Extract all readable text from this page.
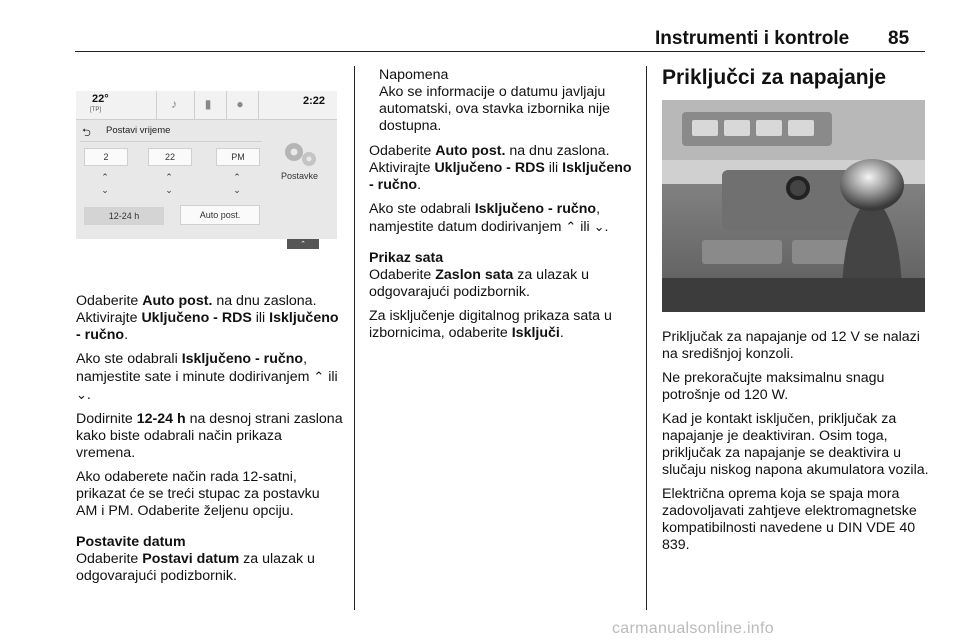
Instrumenti i kontrole 85
22°
[TP]	♪	▮	●	2:22
⮌ Postavi vrijeme
2	22	PM
⌃
⌄
⌃
⌄
⌃
⌄
12-24 h	Auto post.
Postavke
⌃

Odaberite Auto post. na dnu zaslona. Aktivirajte Uključeno - RDS ili Isključeno - ručno.

Ako ste odabrali Isključeno - ručno, namjestite sate i minute dodirivanjem ⌃ ili ⌄.

Dodirnite 12-24 h na desnoj strani zaslona kako biste odabrali način prikaza vremena.

Ako odaberete način rada 12-satni, prikazat će se treći stupac za postavku AM i PM. Odaberite željenu opciju.

Postavite datum

Odaberite Postavi datum za ulazak u odgovarajući podizbornik.

Napomena

Ako se informacije o datumu javljaju automatski, ova stavka izbornika nije dostupna.

Odaberite Auto post. na dnu zaslona. Aktivirajte Uključeno - RDS ili Isključeno - ručno.

Ako ste odabrali Isključeno - ručno, namjestite datum dodirivanjem ⌃ ili ⌄.

Prikaz sata

Odaberite Zaslon sata za ulazak u odgovarajući podizbornik.

Za isključenje digitalnog prikaza sata u izbornicima, odaberite Isključi.

Priključci za napajanje

Priključak za napajanje od 12 V se nalazi na središnjoj konzoli.

Ne prekoračujte maksimalnu snagu potrošnje od 120 W.

Kad je kontakt isključen, priključak za napajanje je deaktiviran. Osim toga, priključak za napajanje se deaktivira u slučaju niskog napona akumulatora vozila.

Električna oprema koja se spaja mora zadovoljavati zahtjeve elektromagnetske kompatibilnosti navedene u DIN VDE 40 839.

carmanualsonline.info
